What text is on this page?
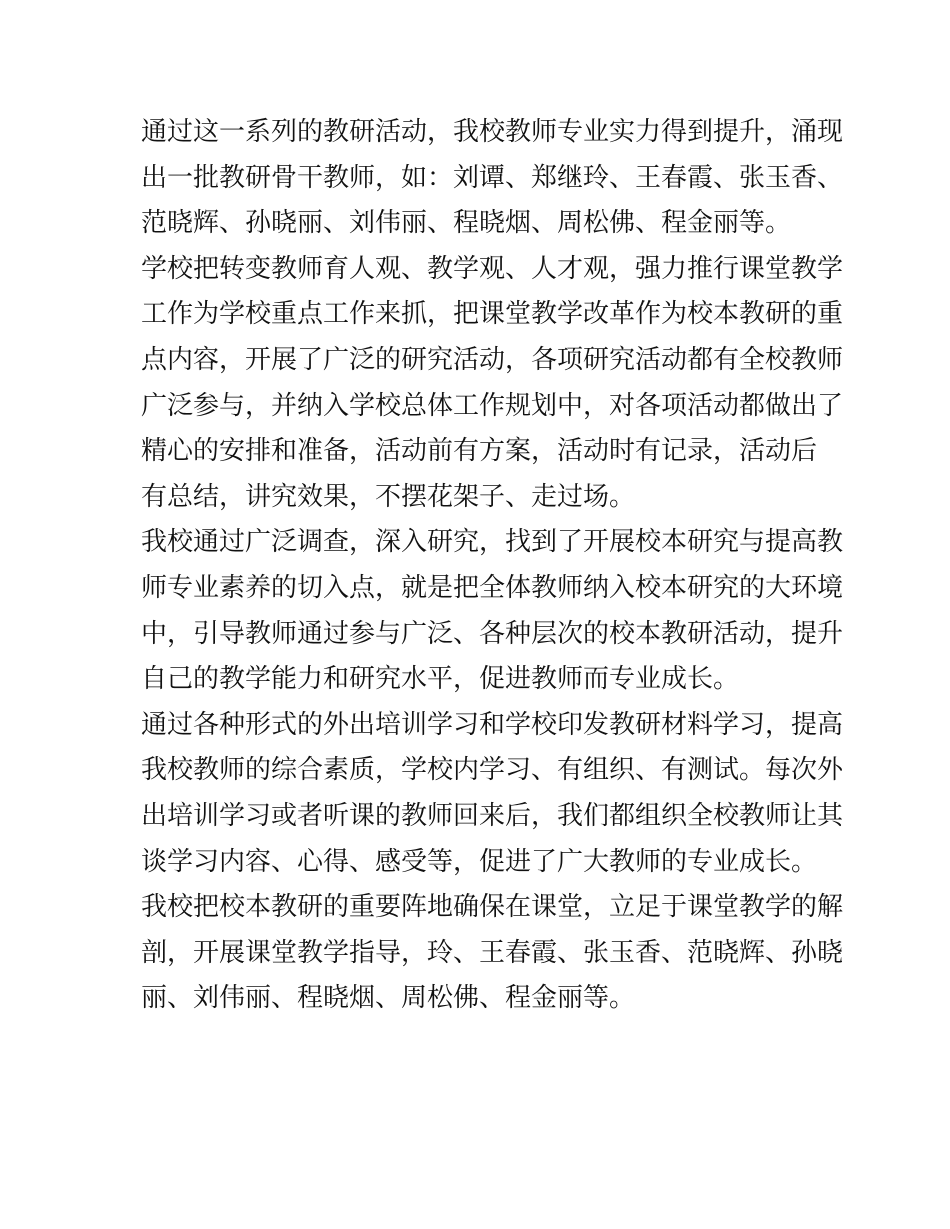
通过这一系列的教研活动，我校教师专业实力得到提升，涌现
出一批教研骨干教师，如：刘谭、郑继玲、王春霞、张玉香、
范晓辉、孙晓丽、刘伟丽、程晓烟、周松佛、程金丽等。
学校把转变教师育人观、教学观、人才观，强力推行课堂教学
工作为学校重点工作来抓，把课堂教学改革作为校本教研的重
点内容，开展了广泛的研究活动，各项研究活动都有全校教师
广泛参与，并纳入学校总体工作规划中，对各项活动都做出了
精心的安排和准备，活动前有方案，活动时有记录，活动后
有总结，讲究效果，不摆花架子、走过场。
我校通过广泛调查，深入研究，找到了开展校本研究与提高教
师专业素养的切入点，就是把全体教师纳入校本研究的大环境
中，引导教师通过参与广泛、各种层次的校本教研活动，提升
自己的教学能力和研究水平，促进教师而专业成长。
通过各种形式的外出培训学习和学校印发教研材料学习，提高
我校教师的综合素质，学校内学习、有组织、有测试。每次外
出培训学习或者听课的教师回来后，我们都组织全校教师让其
谈学习内容、心得、感受等，促进了广大教师的专业成长。
我校把校本教研的重要阵地确保在课堂，立足于课堂教学的解
剖，开展课堂教学指导，玲、王春霞、张玉香、范晓辉、孙晓
丽、刘伟丽、程晓烟、周松佛、程金丽等。
